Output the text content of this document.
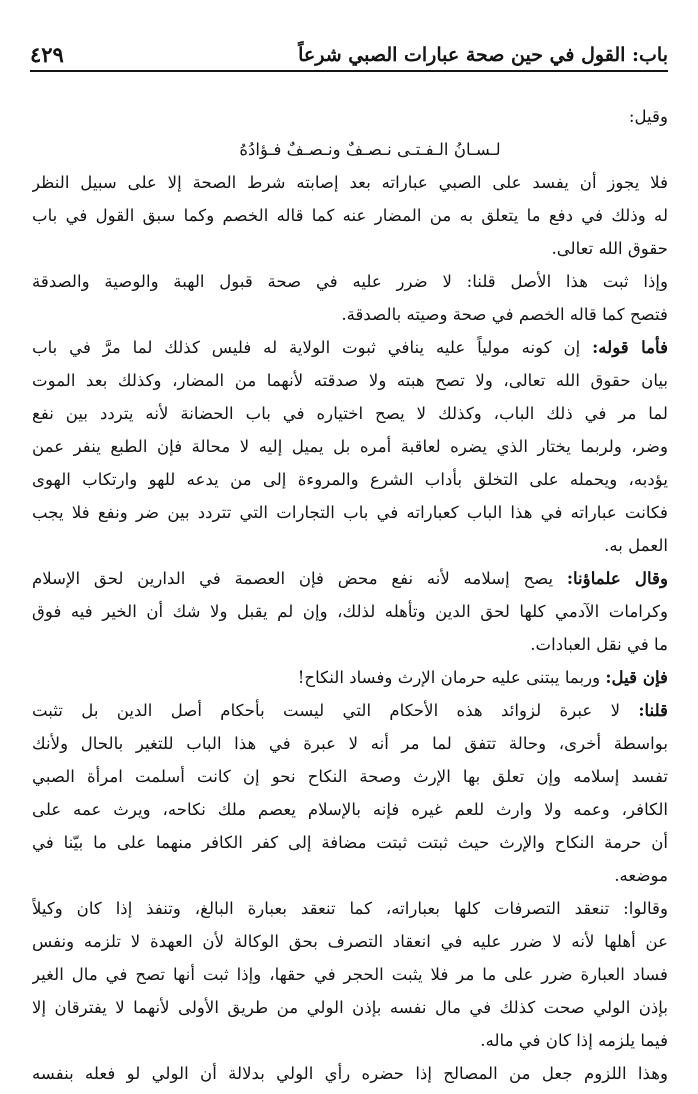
٤٢٩	باب: القول في حين صحة عبارات الصبي شرعاً
وقيل:
لـسـانُ الـفـتـى نـصـفٌ ونـصـفٌ فـؤادُهُ
فلا يجوز أن يفسد على الصبي عباراته بعد إصابته شرط الصحة إلا على سبيل النظر
له وذلك في دفع ما يتعلق به من المضار عنه كما قاله الخصم وكما سبق القول في باب
حقوق الله تعالى.
وإذا ثبت هذا الأصل قلنا: لا ضرر عليه في صحة قبول الهبة والوصية والصدقة
فتصح كما قاله الخصم في صحة وصيته بالصدقة.
فأما قوله: إن كونه مولياً عليه ينافي ثبوت الولاية له فليس كذلك لما مرَّ في باب
بيان حقوق الله تعالى، ولا تصح هبته ولا صدقته لأنهما من المضار، وكذلك بعد الموت
لما مر في ذلك الباب، وكذلك لا يصح اختياره في باب الحضانة لأنه يتردد بين نفع
وضر، ولربما يختار الذي يضره لعاقبة أمره بل يميل إليه لا محالة فإن الطبع ينفر عمن
يؤدبه، ويحمله على التخلق بأداب الشرع والمروءة إلى من يدعه للهو وارتكاب الهوى
فكانت عباراته في هذا الباب كعباراته في باب التجارات التي تتردد بين ضر ونفع فلا يجب
العمل به.
وقال علماؤنا: يصح إسلامه لأنه نفع محض فإن العصمة في الدارين لحق الإسلام
وكرامات الآدمي كلها لحق الدين وتأهله لذلك، وإن لم يقبل ولا شك أن الخير فيه فوق
ما في نقل العبادات.
فإن قيل: وربما يبتنى عليه حرمان الإرث وفساد النكاح!
قلنا: لا عبرة لزوائد هذه الأحكام التي ليست بأحكام أصل الدين بل تثبت
بواسطة أخرى، وحالة تتفق لما مر أنه لا عبرة في هذا الباب للتغير بالحال ولأنك
تفسد إسلامه وإن تعلق بها الإرث وصحة النكاح نحو إن كانت أسلمت امرأة الصبي
الكافر، وعمه ولا وارث للعم غيره فإنه بالإسلام يعصم ملك نكاحه، ويرث عمه على
أن حرمة النكاح والإرث حيث ثبتت ثبتت مضافة إلى كفر الكافر منهما على ما بيّنا في
موضعه.
وقالوا: تنعقد التصرفات كلها بعباراته، كما تنعقد بعبارة البالغ، وتنفذ إذا كان وكيلاً
عن أهلها لأنه لا ضرر عليه في انعقاد التصرف بحق الوكالة لأن العهدة لا تلزمه ونفس
فساد العبارة ضرر على ما مر فلا يثبت الحجر في حقها، وإذا ثبت أنها تصح في مال الغير
بإذن الولي صحت كذلك في مال نفسه بإذن الولي من طريق الأولى لأنهما لا يفترقان إلا
فيما يلزمه إذا كان في ماله.
وهذا اللزوم جعل من المصالح إذا حضره رأي الولي بدلالة أن الولي لو فعله بنفسه
